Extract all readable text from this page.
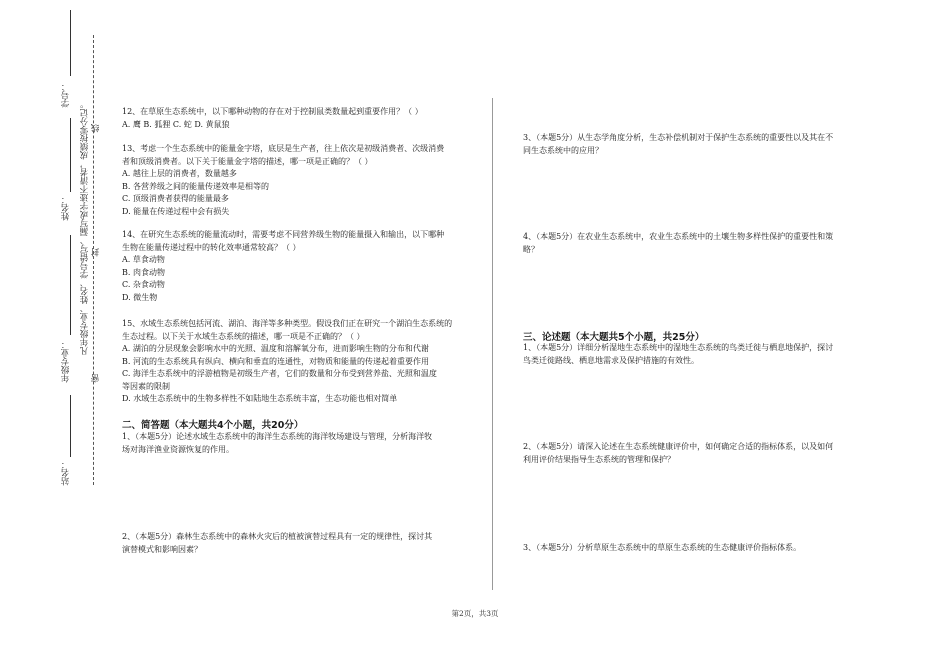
学号：
姓名：
年级专业：
站名：
凡年级专业、姓名、学号错写、漏写或字迹不清者，成绩按零分记。
密
封
线
12、在草原生态系统中，以下哪种动物的存在对于控制鼠类数量起到重要作用？（ ）
A. 鹰 B. 狐狸 C. 蛇 D. 黄鼠狼
13、考虑一个生态系统中的能量金字塔，底层是生产者，往上依次是初级消费者、次级消费
者和顶级消费者。以下关于能量金字塔的描述，哪一项是正确的？（ ）
A. 越往上层的消费者，数量越多
B. 各营养级之间的能量传递效率是相等的
C. 顶级消费者获得的能量最多
D. 能量在传递过程中会有损失
14、在研究生态系统的能量流动时，需要考虑不同营养级生物的能量摄入和输出，以下哪种
生物在能量传递过程中的转化效率通常较高？（ ）
A. 草食动物
B. 肉食动物
C. 杂食动物
D. 微生物
15、水域生态系统包括河流、湖泊、海洋等多种类型。假设我们正在研究一个湖泊生态系统的
生态过程。以下关于水域生态系统的描述，哪一项是不正确的？（ ）
A. 湖泊的分层现象会影响水中的光照、温度和溶解氧分布，进而影响生物的分布和代谢
B. 河流的生态系统具有纵向、横向和垂直的连通性，对物质和能量的传递起着重要作用
C. 海洋生态系统中的浮游植物是初级生产者，它们的数量和分布受到营养盐、光照和温度
等因素的限制
D. 水域生态系统中的生物多样性不如陆地生态系统丰富，生态功能也相对简单
二、简答题（本大题共4个小题，共20分）
1、（本题5分）论述水域生态系统中的海洋生态系统的海洋牧场建设与管理，分析海洋牧
场对海洋渔业资源恢复的作用。
2、（本题5分）森林生态系统中的森林火灾后的植被演替过程具有一定的规律性，探讨其
演替模式和影响因素？
3、（本题5分）从生态学角度分析，生态补偿机制对于保护生态系统的重要性以及其在不
同生态系统中的应用？
4、（本题5分）在农业生态系统中，农业生态系统中的土壤生物多样性保护的重要性和策
略？
三、论述题（本大题共5个小题，共25分）
1、（本题5分）详细分析湿地生态系统中的湿地生态系统的鸟类迁徙与栖息地保护，探讨
鸟类迁徙路线、栖息地需求及保护措施的有效性。
2、（本题5分）请深入论述在生态系统健康评价中，如何确定合适的指标体系，以及如何
利用评价结果指导生态系统的管理和保护？
3、（本题5分）分析草原生态系统中的草原生态系统的生态健康评价指标体系。
第2页，共3页
